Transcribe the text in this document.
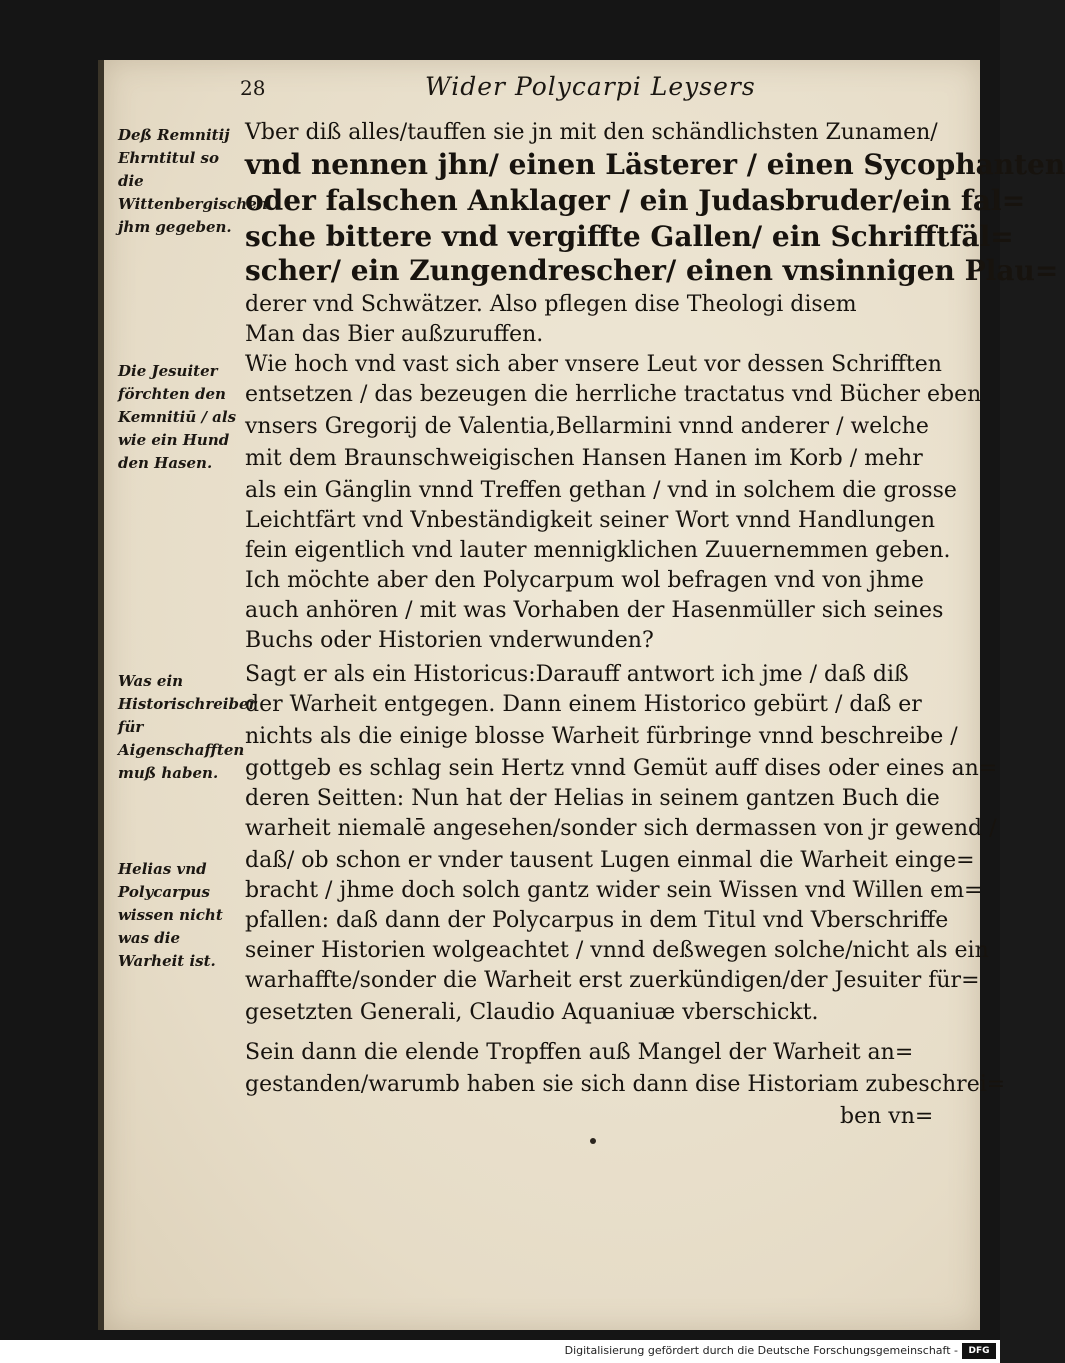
28	Wider Polycarpi Leysers
Deß Remnitij Ehrntitul so die Wittenbergischen jhm gegeben.
Die Jesuiter förchten den Kemnitiū / als wie ein Hund den Hasen.
Was ein Historischreiber für Aigenschafften muß haben.
Helias vnd Polycarpus wissen nicht was die Warheit ist.
Vber diß alles/tauffen sie jn mit den schändlichsten Zunamen/
vnd nennen jhn/ einen Lästerer / einen Sycophanten
oder falschen Anklager / ein Judasbruder/ein fal=
sche bittere vnd vergiffte Gallen/ ein Schrifftfäl=
scher/ ein Zungendrescher/ einen vnsinnigen Plau=
derer vnd Schwätzer. Also pflegen dise Theologi disem
Man das Bier außzuruffen.
Wie hoch vnd vast sich aber vnsere Leut vor dessen Schrifften
entsetzen / das bezeugen die herrliche tractatus vnd Bücher eben
vnsers Gregorij de Valentia,Bellarmini vnnd anderer / welche
mit dem Braunschweigischen Hansen Hanen im Korb / mehr
als ein Gänglin vnnd Treffen gethan / vnd in solchem die grosse
Leichtfärt vnd Vnbeständigkeit seiner Wort vnnd Handlungen
fein eigentlich vnd lauter mennigklichen Zuuernemmen geben.
Ich möchte aber den Polycarpum wol befragen vnd von jhme
auch anhören / mit was Vorhaben der Hasenmüller sich seines
Buchs oder Historien vnderwunden?
Sagt er als ein Historicus:Darauff antwort ich jme / daß diß
der Warheit entgegen. Dann einem Historico gebürt / daß er
nichts als die einige blosse Warheit fürbringe vnnd beschreibe /
gottgeb es schlag sein Hertz vnnd Gemüt auff dises oder eines an=
deren Seitten: Nun hat der Helias in seinem gantzen Buch die
warheit niemalē angesehen/sonder sich dermassen von jr gewend /
daß/ ob schon er vnder tausent Lugen einmal die Warheit einge=
bracht / jhme doch solch gantz wider sein Wissen vnd Willen em=
pfallen: daß dann der Polycarpus in dem Titul vnd Vberschriffe
seiner Historien wolgeachtet / vnnd deßwegen solche/nicht als ein
warhaffte/sonder die Warheit erst zuerkündigen/der Jesuiter für=
gesetzten Generali, Claudio Aquaniuæ vberschickt.
Sein dann die elende Tropffen auß Mangel der Warheit an=
gestanden/warumb haben sie sich dann dise Historiam zubeschrei=
ben vn=
Digitalisierung gefördert durch die Deutsche Forschungsgemeinschaft -	DFG
